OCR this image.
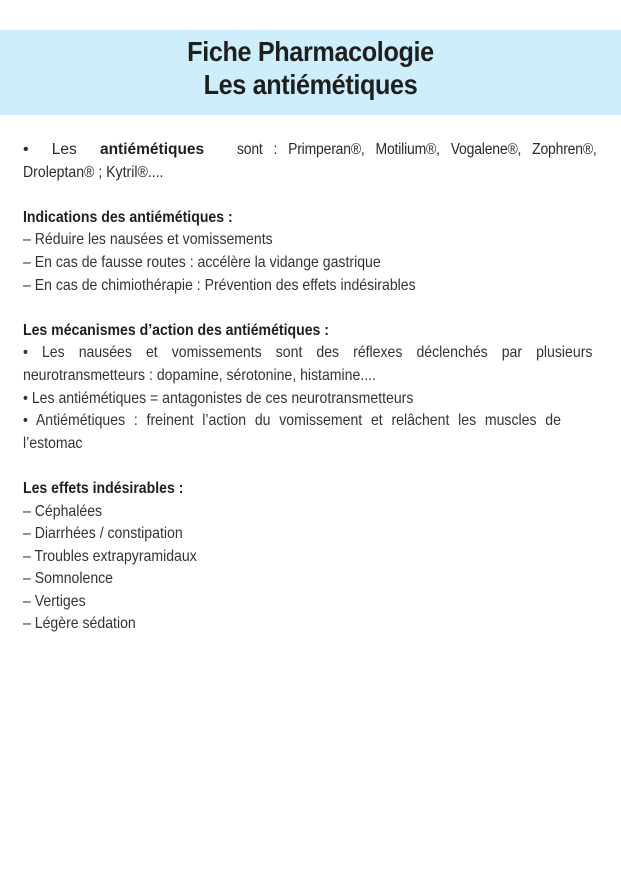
Fiche Pharmacologie
Les antiémétiques
• Les antiémétiques sont : Primperan®, Motilium®, Vogalene®, Zophren®,
Droleptan® ; Kytril®....
Indications des antiémétiques :
– Réduire les nausées et vomissements
– En cas de fausse routes : accélère la vidange gastrique
– En cas de chimiothérapie : Prévention des effets indésirables
Les mécanismes d’action des antiémétiques :
• Les nausées et vomissements sont des réflexes déclenchés par plusieurs
neurotransmetteurs : dopamine, sérotonine, histamine....
• Les antiémétiques = antagonistes de ces neurotransmetteurs
• Antiémétiques : freinent l’action du vomissement et relâchent les muscles de
l’estomac
Les effets indésirables :
– Céphalées
– Diarrhées / constipation
– Troubles extrapyramidaux
– Somnolence
– Vertiges
– Légère sédation
